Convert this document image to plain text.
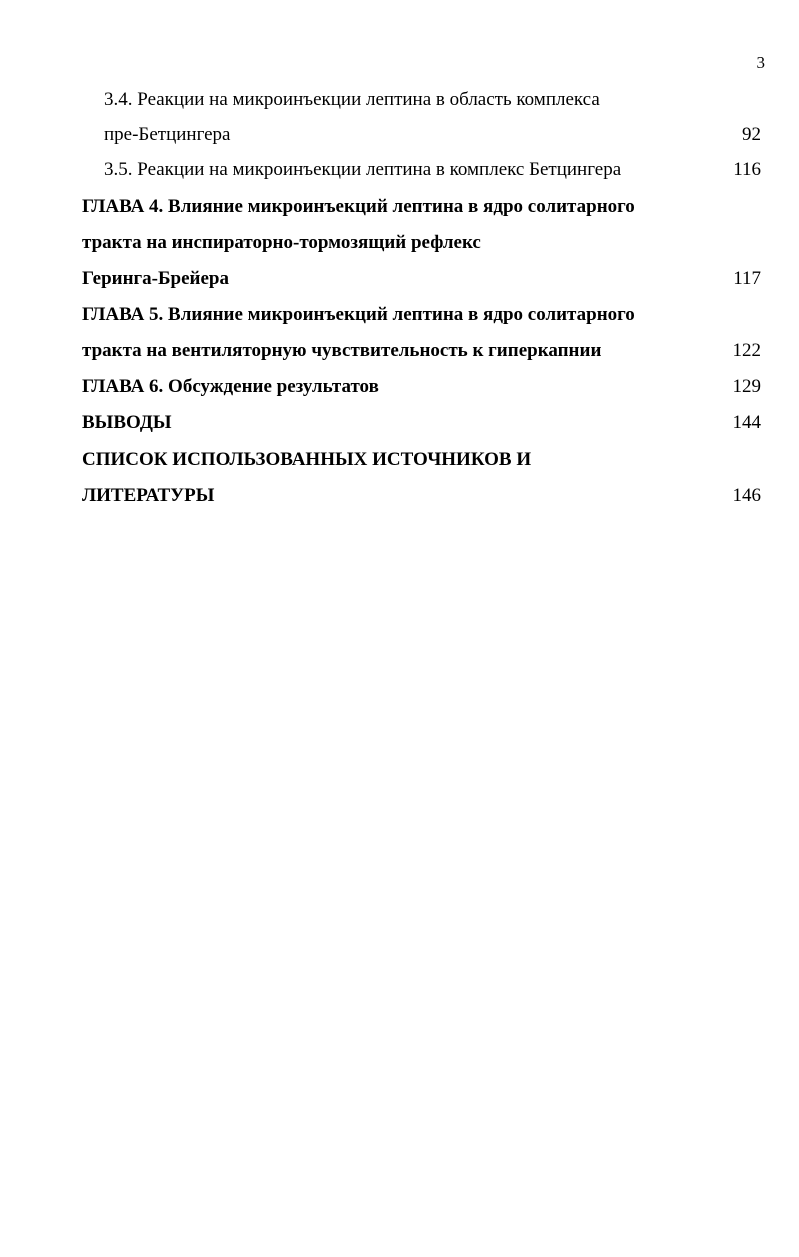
3
3.4. Реакции на микроинъекции лептина в область комплекса
пре-Бетцингера	92
3.5. Реакции на микроинъекции лептина в комплекс Бетцингера	116
ГЛАВА 4. Влияние микроинъекций лептина в ядро солитарного
тракта на инспираторно-тормозящий рефлекс
Геринга-Брейера	117
ГЛАВА 5. Влияние микроинъекций лептина в ядро солитарного
тракта на вентиляторную чувствительность к гиперкапнии	122
ГЛАВА 6. Обсуждение результатов	129
ВЫВОДЫ	144
СПИСОК ИСПОЛЬЗОВАННЫХ ИСТОЧНИКОВ И
ЛИТЕРАТУРЫ	146
